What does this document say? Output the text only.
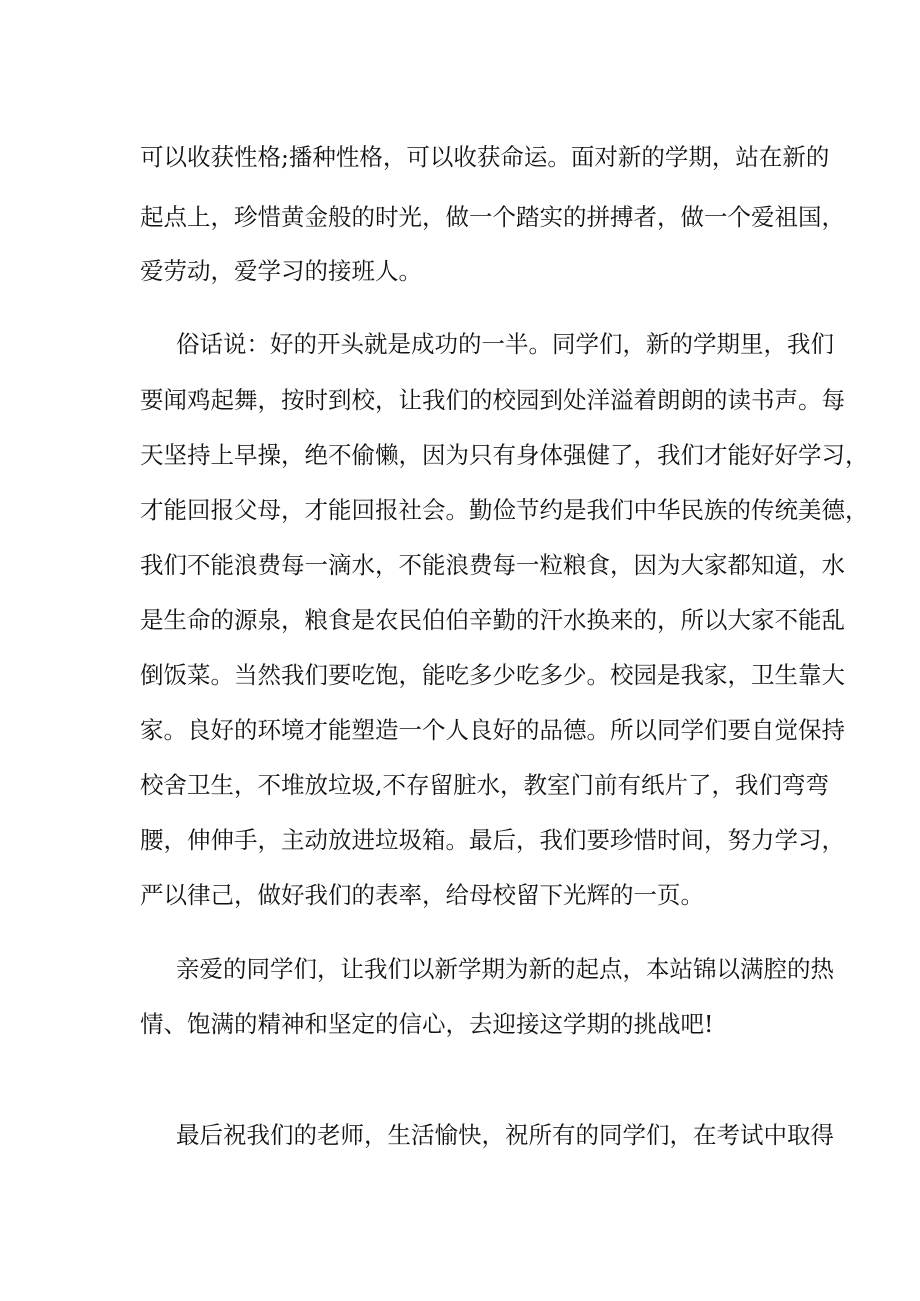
可以收获性格;播种性格，可以收获命运。面对新的学期，站在新的
起点上，珍惜黄金般的时光，做一个踏实的拼搏者，做一个爱祖国，
爱劳动，爱学习的接班人。
俗话说：好的开头就是成功的一半。同学们，新的学期里，我们
要闻鸡起舞，按时到校，让我们的校园到处洋溢着朗朗的读书声。每
天坚持上早操，绝不偷懒，因为只有身体强健了，我们才能好好学习，
才能回报父母，才能回报社会。勤俭节约是我们中华民族的传统美德，
我们不能浪费每一滴水，不能浪费每一粒粮食，因为大家都知道，水
是生命的源泉，粮食是农民伯伯辛勤的汗水换来的，所以大家不能乱
倒饭菜。当然我们要吃饱，能吃多少吃多少。校园是我家，卫生靠大
家。良好的环境才能塑造一个人良好的品德。所以同学们要自觉保持
校舍卫生，不堆放垃圾,不存留脏水，教室门前有纸片了，我们弯弯
腰，伸伸手，主动放进垃圾箱。最后，我们要珍惜时间，努力学习，
严以律己，做好我们的表率，给母校留下光辉的一页。
亲爱的同学们，让我们以新学期为新的起点，本站锦以满腔的热
情、饱满的精神和坚定的信心，去迎接这学期的挑战吧!
最后祝我们的老师，生活愉快，祝所有的同学们，在考试中取得
